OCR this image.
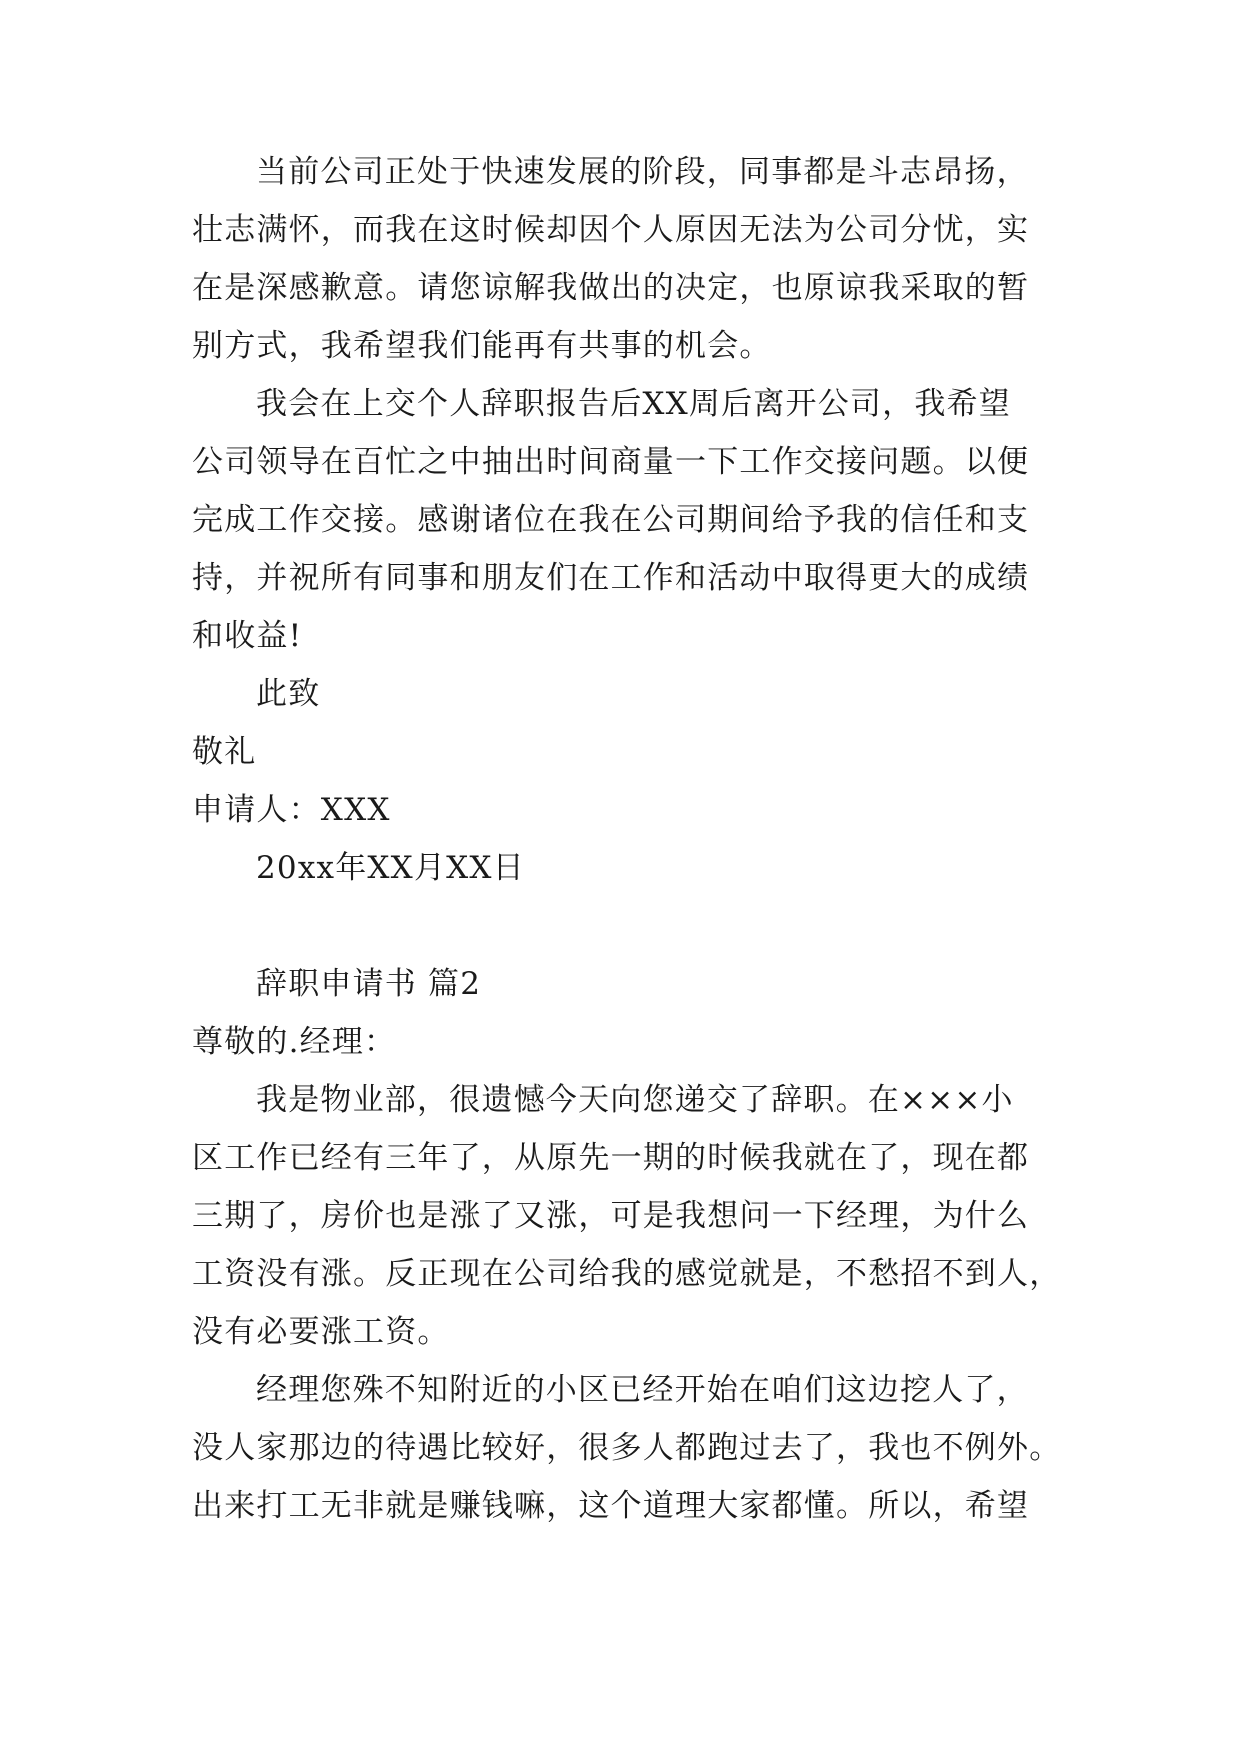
当前公司正处于快速发展的阶段，同事都是斗志昂扬，
壮志满怀，而我在这时候却因个人原因无法为公司分忧，实
在是深感歉意。请您谅解我做出的决定，也原谅我采取的暂
别方式，我希望我们能再有共事的机会。
我会在上交个人辞职报告后XX周后离开公司，我希望
公司领导在百忙之中抽出时间商量一下工作交接问题。以便
完成工作交接。感谢诸位在我在公司期间给予我的信任和支
持，并祝所有同事和朋友们在工作和活动中取得更大的成绩
和收益!
此致
敬礼
申请人：XXX
20xx年XX月XX日
辞职申请书 篇2
尊敬的.经理：
我是物业部，很遗憾今天向您递交了辞职。在×××小
区工作已经有三年了，从原先一期的时候我就在了，现在都
三期了，房价也是涨了又涨，可是我想问一下经理，为什么
工资没有涨。反正现在公司给我的感觉就是，不愁招不到人，
没有必要涨工资。
经理您殊不知附近的小区已经开始在咱们这边挖人了，
没人家那边的待遇比较好，很多人都跑过去了，我也不例外。
出来打工无非就是赚钱嘛，这个道理大家都懂。所以，希望
